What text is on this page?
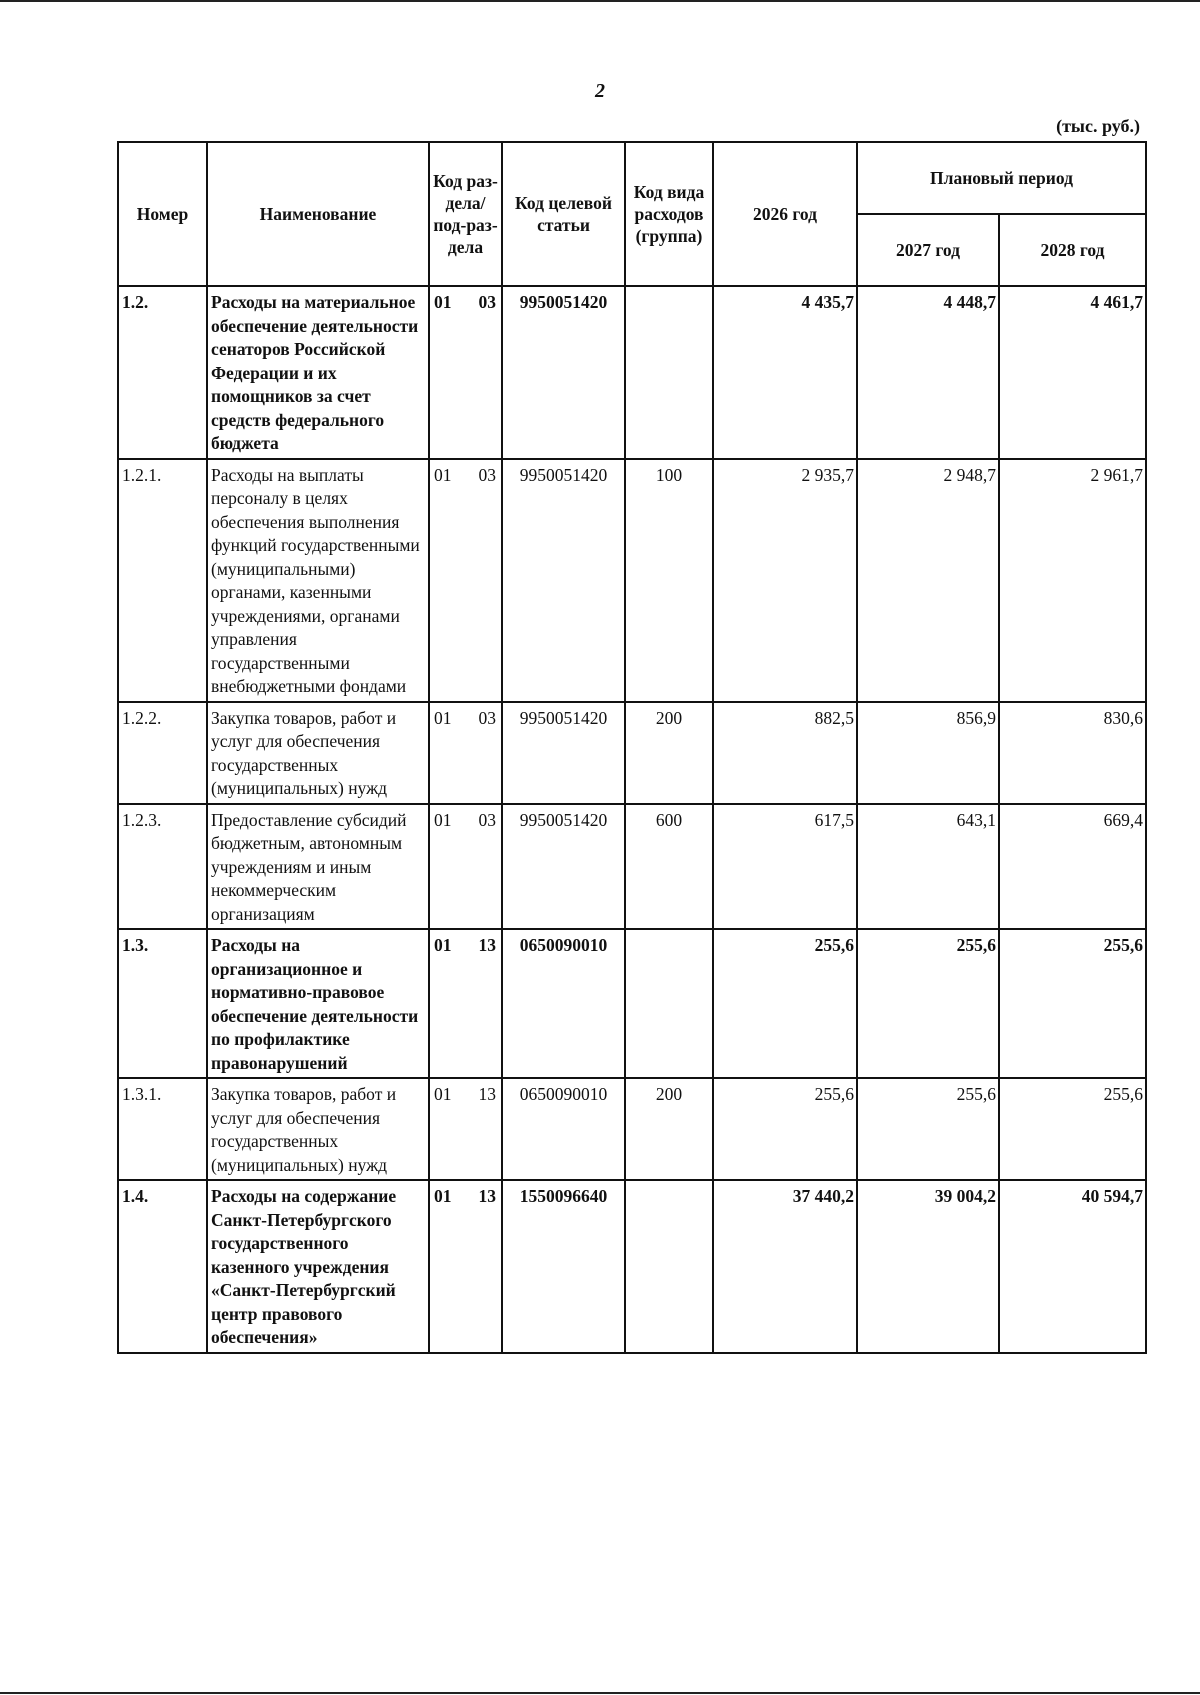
2
(тыс. руб.)
Номер	Наименование	Код раз-дела/ под-раз-дела	Код целевой статьи	Код вида расходов (группа)	2026 год	Плановый период	
						2027 год	2028 год
1.2.	Расходы на материальное обеспечение деятельности сенаторов Российской Федерации и их помощников за счет средств федерального бюджета	01 03	9950051420		4 435,7	4 448,7	4 461,7
1.2.1.	Расходы на выплаты персоналу в целях обеспечения выполнения функций государственными (муниципальными) органами, казенными учреждениями, органами управления государственными внебюджетными фондами	01 03	9950051420	100	2 935,7	2 948,7	2 961,7
1.2.2.	Закупка товаров, работ и услуг для обеспечения государственных (муниципальных) нужд	01 03	9950051420	200	882,5	856,9	830,6
1.2.3.	Предоставление субсидий бюджетным, автономным учреждениям и иным некоммерческим организациям	01 03	9950051420	600	617,5	643,1	669,4
1.3.	Расходы на организационное и нормативно-правовое обеспечение деятельности по профилактике правонарушений	01 13	0650090010		255,6	255,6	255,6
1.3.1.	Закупка товаров, работ и услуг для обеспечения государственных (муниципальных) нужд	01 13	0650090010	200	255,6	255,6	255,6
1.4.	Расходы на содержание Санкт-Петербургского государственного казенного учреждения «Санкт-Петербургский центр правового обеспечения»	01 13	1550096640		37 440,2	39 004,2	40 594,7
